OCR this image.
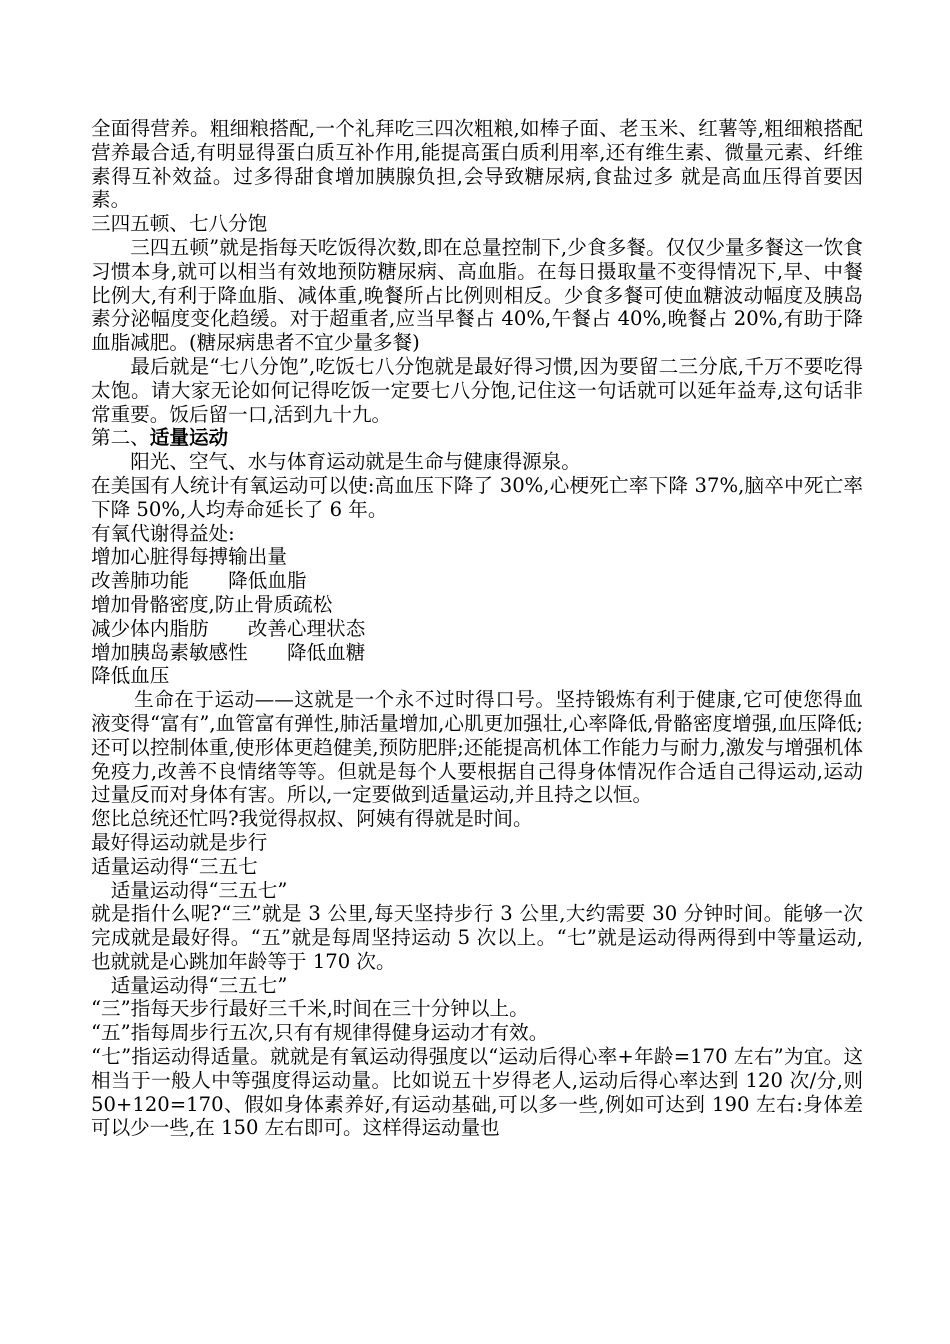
全面得营养。粗细粮搭配,一个礼拜吃三四次粗粮,如棒子面、老玉米、红薯等,粗细粮搭配营养最合适,有明显得蛋白质互补作用,能提高蛋白质利用率,还有维生素、微量元素、纤维素得互补效益。过多得甜食增加胰腺负担,会导致糖尿病,食盐过多 就是高血压得首要因素。

三四五顿、七八分饱

三四五顿”就是指每天吃饭得次数,即在总量控制下,少食多餐。仅仅少量多餐这一饮食习惯本身,就可以相当有效地预防糖尿病、高血脂。在每日摄取量不变得情况下,早、中餐比例大,有利于降血脂、减体重,晚餐所占比例则相反。少食多餐可使血糖波动幅度及胰岛素分泌幅度变化趋缓。对于超重者,应当早餐占 40%,午餐占 40%,晚餐占 20%,有助于降血脂减肥。(糖尿病患者不宜少量多餐)

最后就是“七八分饱”,吃饭七八分饱就是最好得习惯,因为要留二三分底,千万不要吃得太饱。请大家无论如何记得吃饭一定要七八分饱,记住这一句话就可以延年益寿,这句话非常重要。饭后留一口,活到九十九。

第二、适量运动

阳光、空气、水与体育运动就是生命与健康得源泉。

在美国有人统计有氧运动可以使:高血压下降了 30%,心梗死亡率下降 37%,脑卒中死亡率下降 50%,人均寿命延长了 6 年。

有氧代谢得益处:

增加心脏得每搏输出量

改善肺功能 降低血脂

增加骨骼密度,防止骨质疏松

减少体内脂肪 改善心理状态

增加胰岛素敏感性 降低血糖

降低血压

生命在于运动——这就是一个永不过时得口号。坚持锻炼有利于健康,它可使您得血液变得“富有”,血管富有弹性,肺活量增加,心肌更加强壮,心率降低,骨骼密度增强,血压降低;还可以控制体重,使形体更趋健美,预防肥胖;还能提高机体工作能力与耐力,激发与增强机体免疫力,改善不良情绪等等。但就是每个人要根据自己得身体情况作合适自己得运动,运动过量反而对身体有害。所以,一定要做到适量运动,并且持之以恒。

您比总统还忙吗?我觉得叔叔、阿姨有得就是时间。

最好得运动就是步行

适量运动得“三五七

适量运动得“三五七”

就是指什么呢?“三”就是 3 公里,每天坚持步行 3 公里,大约需要 30 分钟时间。能够一次完成就是最好得。“五”就是每周坚持运动 5 次以上。“七”就是运动得两得到中等量运动,也就就是心跳加年龄等于 170 次。

适量运动得“三五七”

“三”指每天步行最好三千米,时间在三十分钟以上。

“五”指每周步行五次,只有有规律得健身运动才有效。

“七”指运动得适量。就就是有氧运动得强度以“运动后得心率+年龄=170 左右”为宜。这相当于一般人中等强度得运动量。比如说五十岁得老人,运动后得心率达到 120 次/分,则 50+120=170、假如身体素养好,有运动基础,可以多一些,例如可达到 190 左右:身体差可以少一些,在 150 左右即可。这样得运动量也
